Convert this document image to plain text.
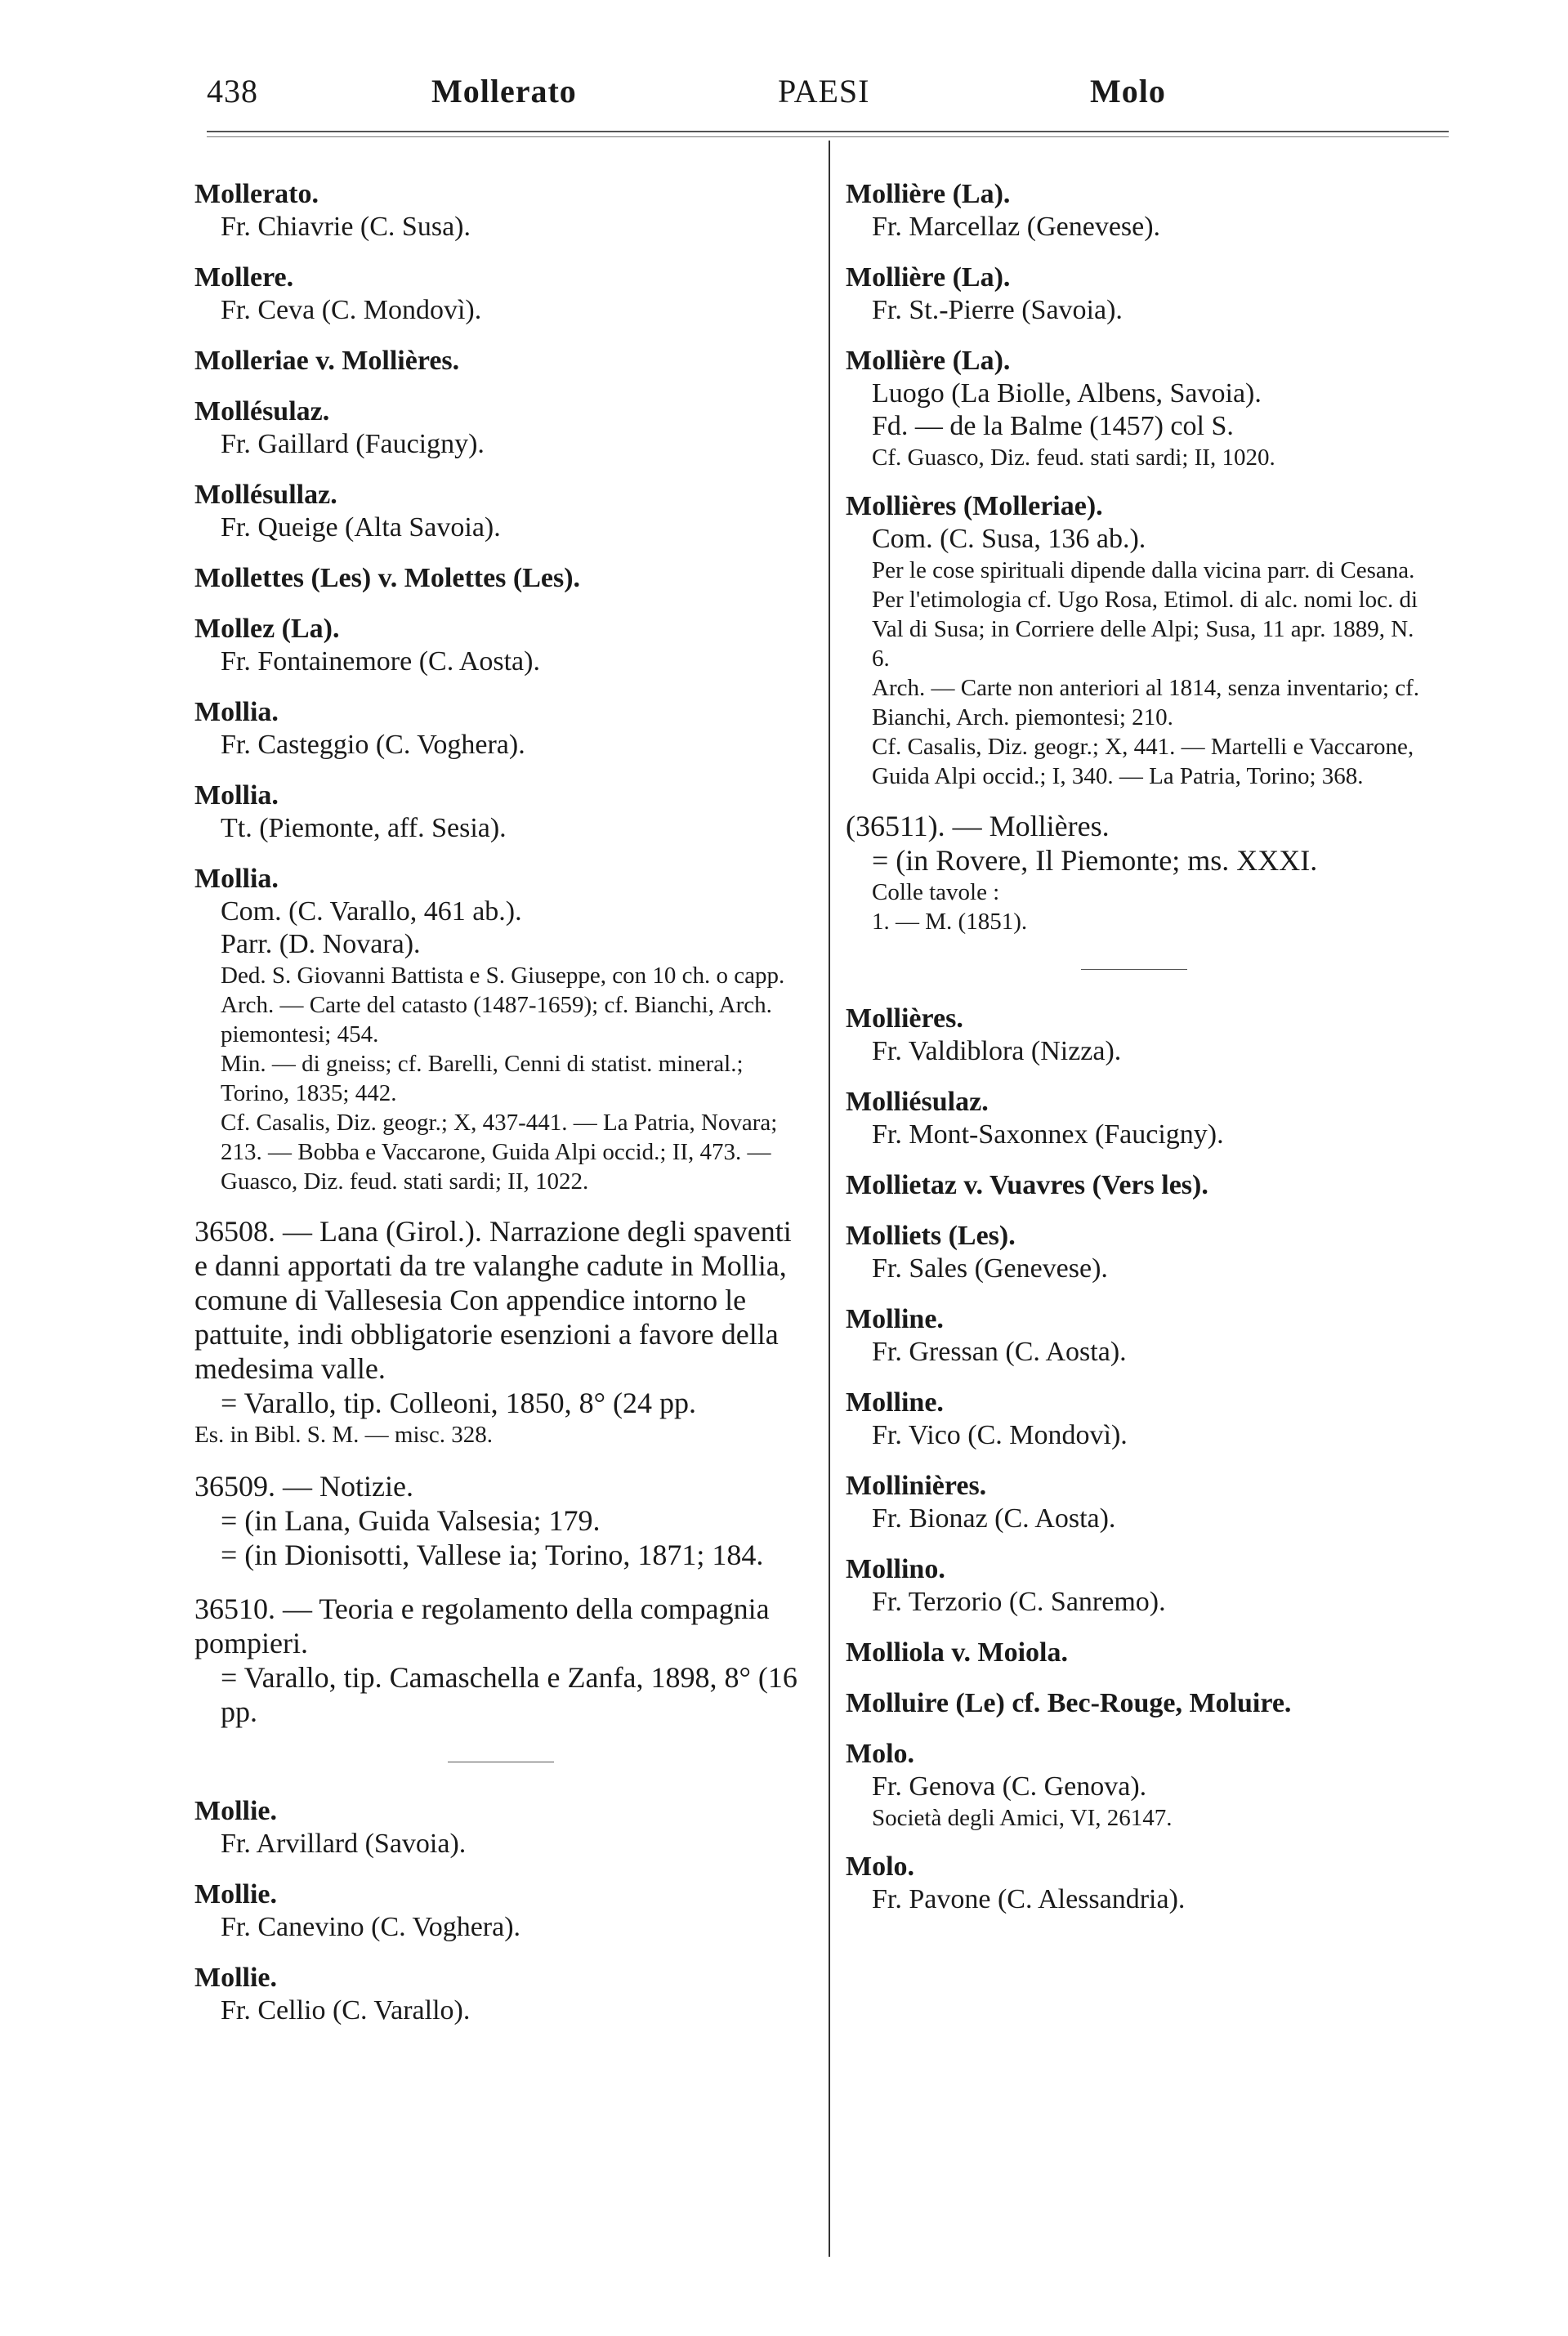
438	Mollerato	PAESI	Molo
Mollerato.
Fr. Chiavrie (C. Susa).
Mollere.
Fr. Ceva (C. Mondovì).
Molleriae v. Mollières.
Mollésulaz.
Fr. Gaillard (Faucigny).
Mollésullaz.
Fr. Queige (Alta Savoia).
Mollettes (Les) v. Molettes (Les).
Mollez (La).
Fr. Fontainemore (C. Aosta).
Mollia.
Fr. Casteggio (C. Voghera).
Mollia.
Tt. (Piemonte, aff. Sesia).
Mollia.
Com. (C. Varallo, 461 ab.).
Parr. (D. Novara).
Ded. S. Giovanni Battista e S. Giuseppe, con 10 ch. o capp.
Arch. — Carte del catasto (1487-1659); cf. Bianchi, Arch. piemontesi; 454.
Min. — di gneiss; cf. Barelli, Cenni di statist. mineral.; Torino, 1835; 442.
Cf. Casalis, Diz. geogr.; X, 437-441. — La Patria, Novara; 213. — Bobba e Vaccarone, Guida Alpi occid.; II, 473. — Guasco, Diz. feud. stati sardi; II, 1022.
36508. — Lana (Girol.). Narrazione degli spaventi e danni apportati da tre valanghe cadute in Mollia, comune di Vallesesia Con appendice intorno le pattuite, indi obbligatorie esenzioni a favore della medesima valle.
= Varallo, tip. Colleoni, 1850, 8° (24 pp.
Es. in Bibl. S. M. — misc. 328.
36509. — Notizie.
= (in Lana, Guida Valsesia; 179.
= (in Dionisotti, Vallese ia; Torino, 1871; 184.
36510. — Teoria e regolamento della compagnia pompieri.
= Varallo, tip. Camaschella e Zanfa, 1898, 8° (16 pp.
Mollie.
Fr. Arvillard (Savoia).
Mollie.
Fr. Canevino (C. Voghera).
Mollie.
Fr. Cellio (C. Varallo).
Mollière (La).
Fr. Marcellaz (Genevese).
Mollière (La).
Fr. St.-Pierre (Savoia).
Mollière (La).
Luogo (La Biolle, Albens, Savoia).
Fd. — de la Balme (1457) col S.
Cf. Guasco, Diz. feud. stati sardi; II, 1020.
Mollières (Molleriae).
Com. (C. Susa, 136 ab.).
Per le cose spirituali dipende dalla vicina parr. di Cesana.
Per l'etimologia cf. Ugo Rosa, Etimol. di alc. nomi loc. di Val di Susa; in Corriere delle Alpi; Susa, 11 apr. 1889, N. 6.
Arch. — Carte non anteriori al 1814, senza inventario; cf. Bianchi, Arch. piemontesi; 210.
Cf. Casalis, Diz. geogr.; X, 441. — Martelli e Vaccarone, Guida Alpi occid.; I, 340. — La Patria, Torino; 368.
(36511). — Mollières.
= (in Rovere, Il Piemonte; ms. XXXI.
Colle tavole :
1. — M. (1851).
Mollières.
Fr. Valdiblora (Nizza).
Molliésulaz.
Fr. Mont-Saxonnex (Faucigny).
Mollietaz v. Vuavres (Vers les).
Molliets (Les).
Fr. Sales (Genevese).
Molline.
Fr. Gressan (C. Aosta).
Molline.
Fr. Vico (C. Mondovì).
Mollinières.
Fr. Bionaz (C. Aosta).
Mollino.
Fr. Terzorio (C. Sanremo).
Molliola v. Moiola.
Molluire (Le) cf. Bec-Rouge, Moluire.
Molo.
Fr. Genova (C. Genova).
Società degli Amici, VI, 26147.
Molo.
Fr. Pavone (C. Alessandria).
